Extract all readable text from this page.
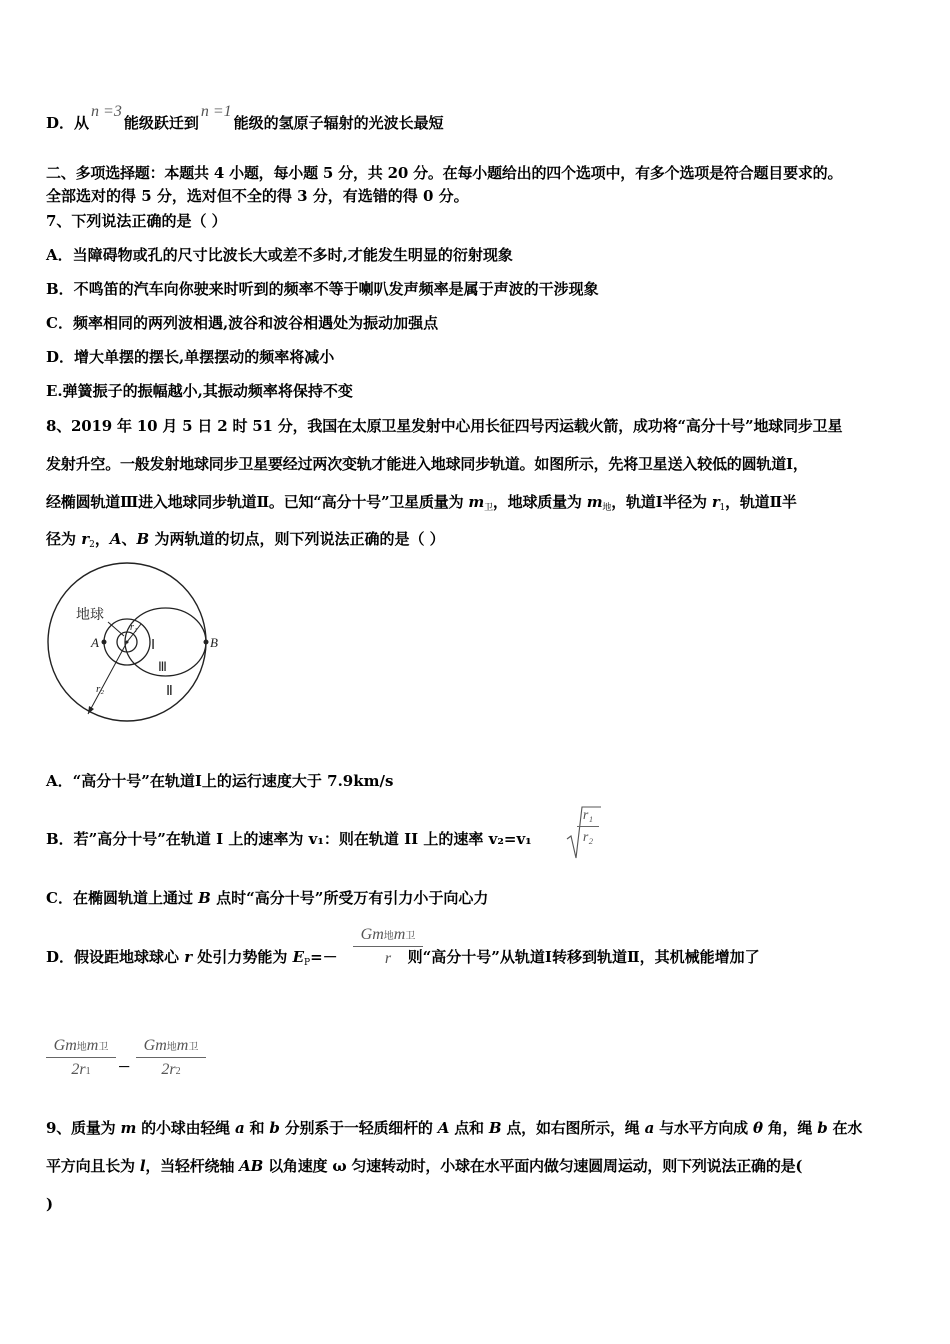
D．从n =3能级跃迁到n =1能级的氢原子辐射的光波长最短
二、多项选择题：本题共 4 小题，每小题 5 分，共 20 分。在每小题给出的四个选项中，有多个选项是符合题目要求的。
全部选对的得 5 分，选对但不全的得 3 分，有选错的得 0 分。
7、下列说法正确的是（ ）
A．当障碍物或孔的尺寸比波长大或差不多时,才能发生明显的衍射现象
B．不鸣笛的汽车向你驶来时听到的频率不等于喇叭发声频率是属于声波的干涉现象
C．频率相同的两列波相遇,波谷和波谷相遇处为振动加强点
D．增大单摆的摆长,单摆摆动的频率将减小
E.弹簧振子的振幅越小,其振动频率将保持不变
8、2019 年 10 月 5 日 2 时 51 分，我国在太原卫星发射中心用长征四号丙运载火箭，成功将“高分十号”地球同步卫星
发射升空。一般发射地球同步卫星要经过两次变轨才能进入地球同步轨道。如图所示，先将卫星送入较低的圆轨道Ⅰ，
经椭圆轨道Ⅲ进入地球同步轨道Ⅱ。已知“高分十号”卫星质量为 $m_卫$，地球质量为 $m_地$，轨道Ⅰ半径为 $r_1$，轨道Ⅱ半
径为 $r_2$，A、B 为两轨道的切点，则下列说法正确的是（ ）
地球
A	B
r₁
r₂
Ⅰ
Ⅲ
Ⅱ
A．“高分十号”在轨道Ⅰ上的运行速度大于 7.9km/s
B．若”高分十号”在轨道 I 上的速率为 v₁：则在轨道 II 上的速率 v₂=v₁	$\frac{\text{r₁}}{\text{r₂}}$
C．在椭圆轨道上通过 B 点时“高分十号”所受万有引力小于向心力
D．假设距地球球心 r 处引力势能为 $E_P=-$	则“高分十号”从轨道Ⅰ转移到轨道Ⅱ，其机械能增加了
Gm地m卫
r
Gm地m卫
2r1	−
Gm地m卫
2r2
9、质量为 m 的小球由轻绳 a 和 b 分别系于一轻质细杆的 A 点和 B 点，如右图所示，绳 a 与水平方向成 θ 角，绳 b 在水
平方向且长为 l，当轻杆绕轴 AB 以角速度 ω 匀速转动时，小球在水平面内做匀速圆周运动，则下列说法正确的是(
)
